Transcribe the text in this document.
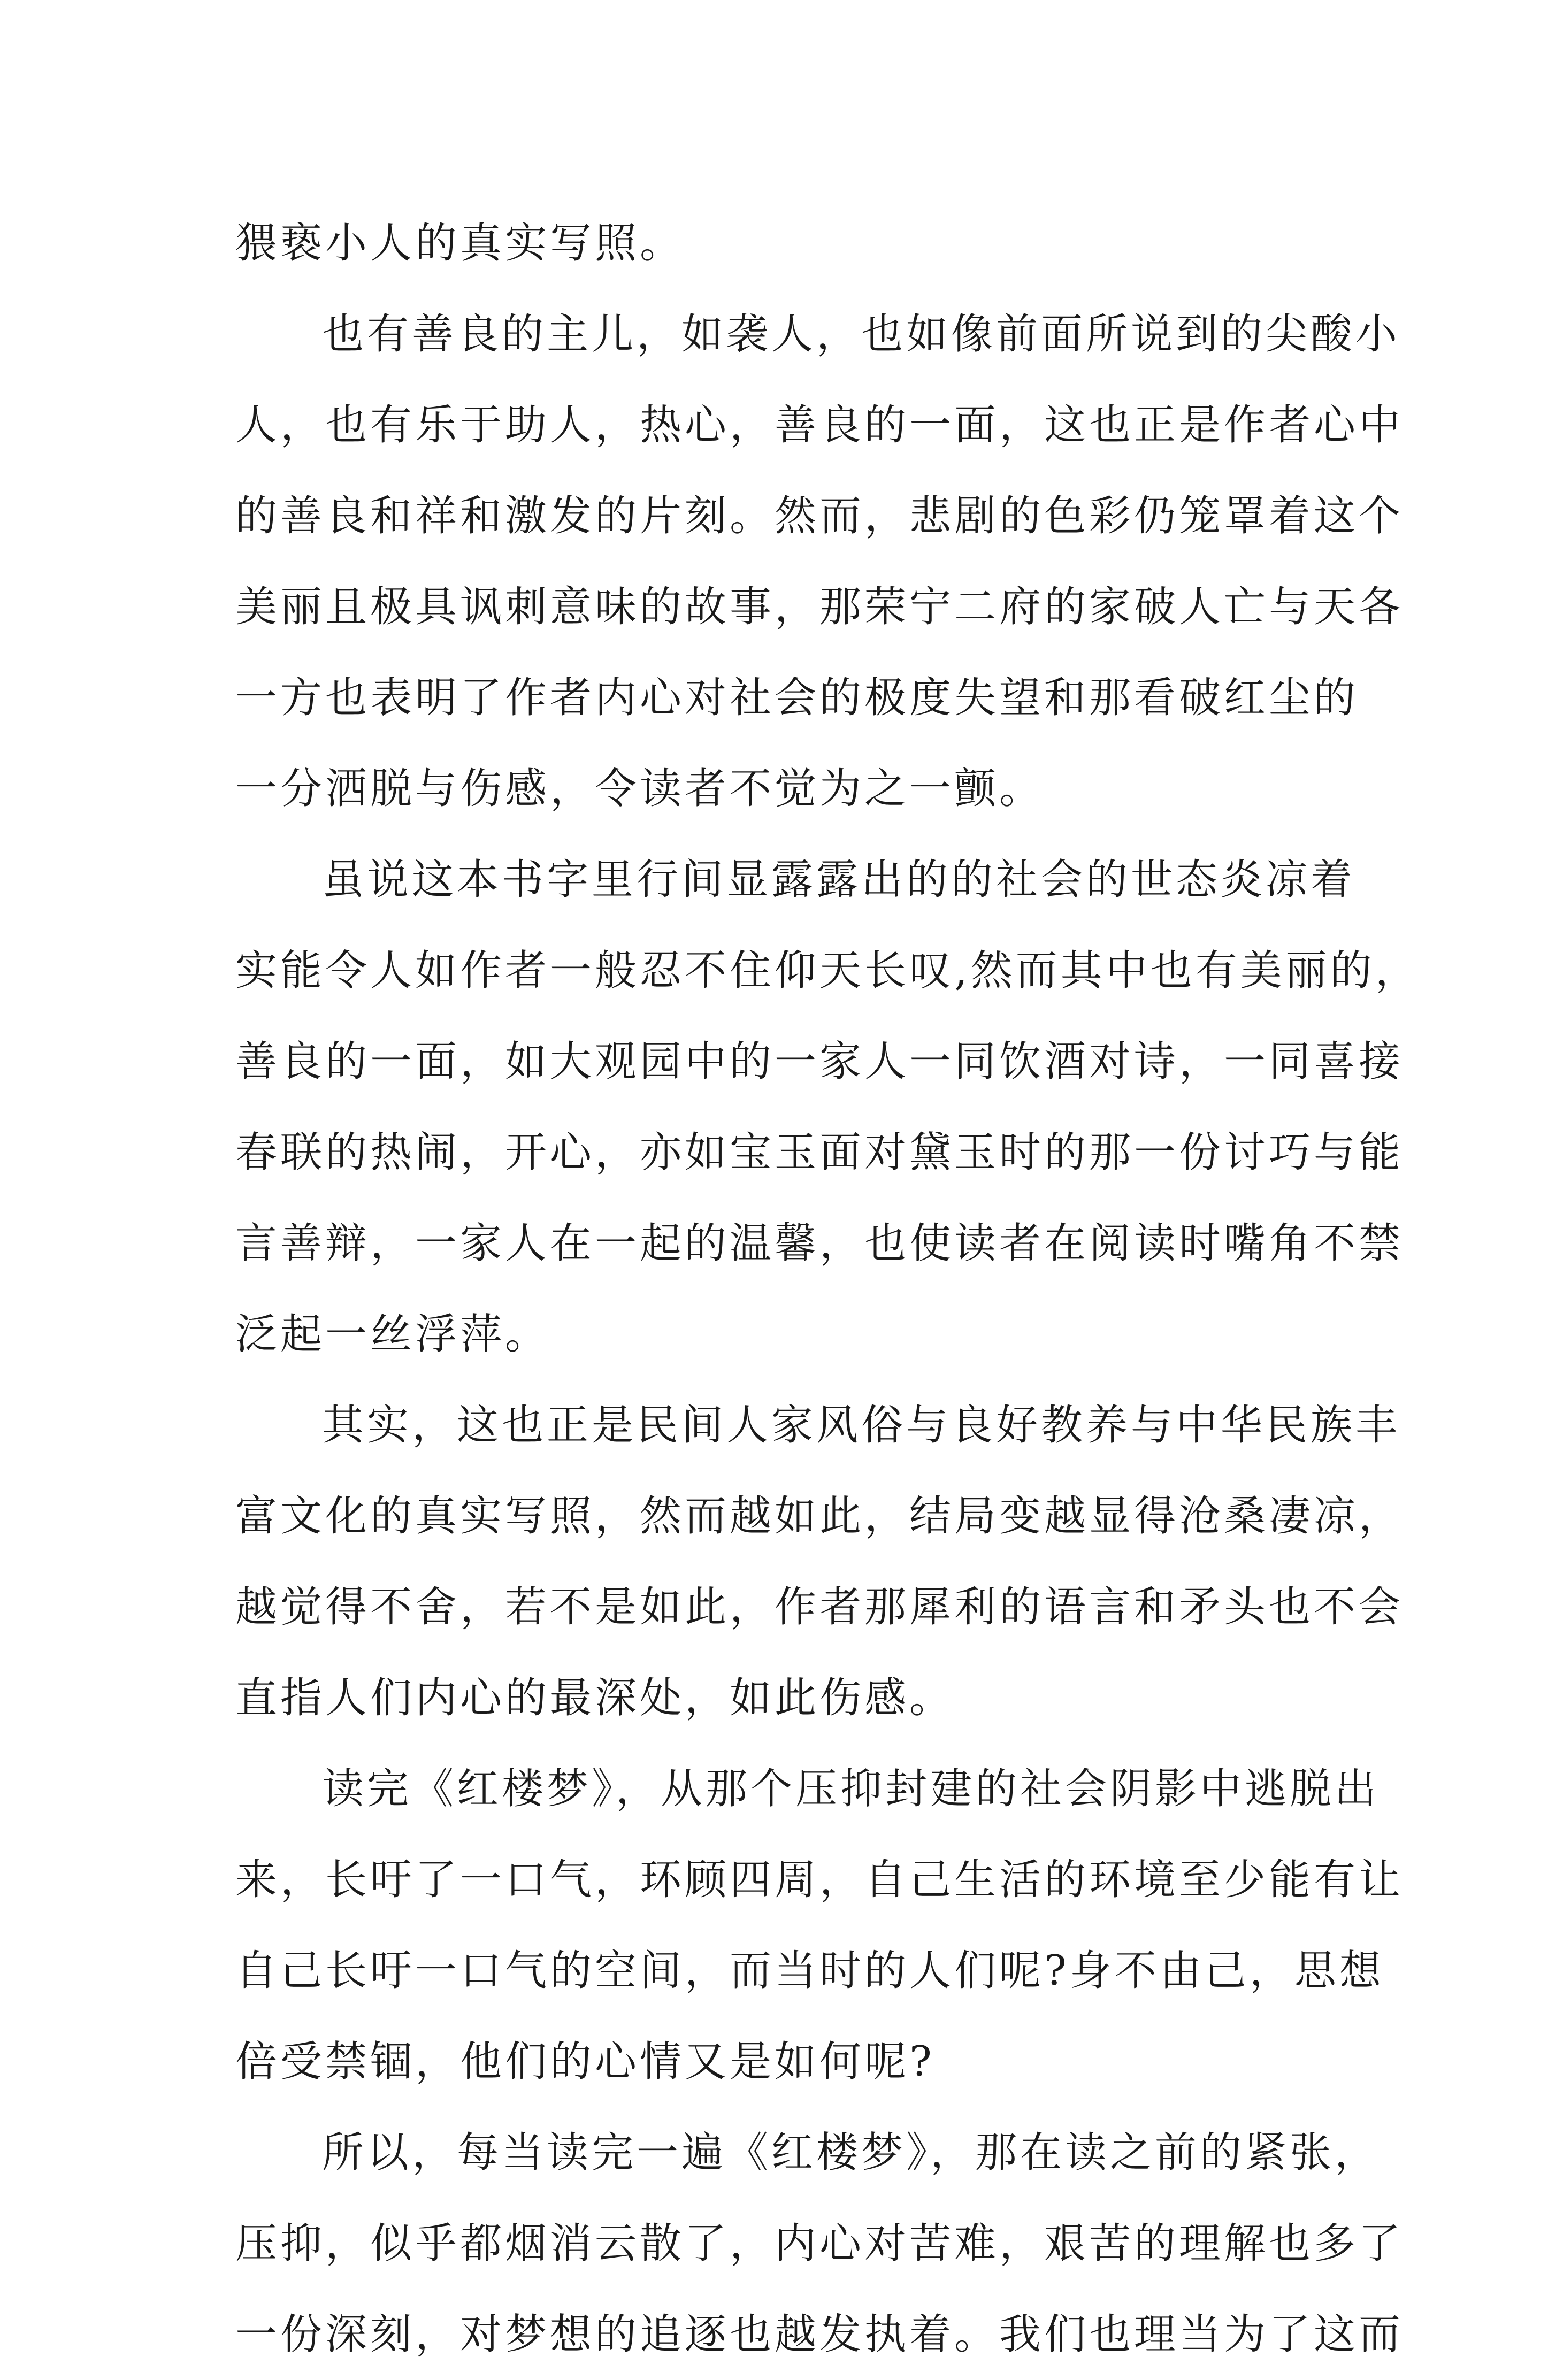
猥亵小人的真实写照。
也有善良的主儿，如袭人，也如像前面所说到的尖酸小
人，也有乐于助人，热心，善良的一面，这也正是作者心中
的善良和祥和激发的片刻。然而，悲剧的色彩仍笼罩着这个
美丽且极具讽刺意味的故事，那荣宁二府的家破人亡与天各
一方也表明了作者内心对社会的极度失望和那看破红尘的
一分洒脱与伤感，令读者不觉为之一颤。
虽说这本书字里行间显露露出的的社会的世态炎凉着
实能令人如作者一般忍不住仰天长叹,然而其中也有美丽的，
善良的一面，如大观园中的一家人一同饮酒对诗，一同喜接
春联的热闹，开心，亦如宝玉面对黛玉时的那一份讨巧与能
言善辩，一家人在一起的温馨，也使读者在阅读时嘴角不禁
泛起一丝浮萍。
其实，这也正是民间人家风俗与良好教养与中华民族丰
富文化的真实写照，然而越如此，结局变越显得沧桑凄凉，
越觉得不舍，若不是如此，作者那犀利的语言和矛头也不会
直指人们内心的最深处，如此伤感。
读完《红楼梦》，从那个压抑封建的社会阴影中逃脱出
来，长吁了一口气，环顾四周，自己生活的环境至少能有让
自己长吁一口气的空间，而当时的人们呢?身不由己，思想
倍受禁锢，他们的心情又是如何呢?
所以，每当读完一遍《红楼梦》，那在读之前的紧张，
压抑，似乎都烟消云散了，内心对苦难，艰苦的理解也多了
一份深刻，对梦想的追逐也越发执着。我们也理当为了这而
